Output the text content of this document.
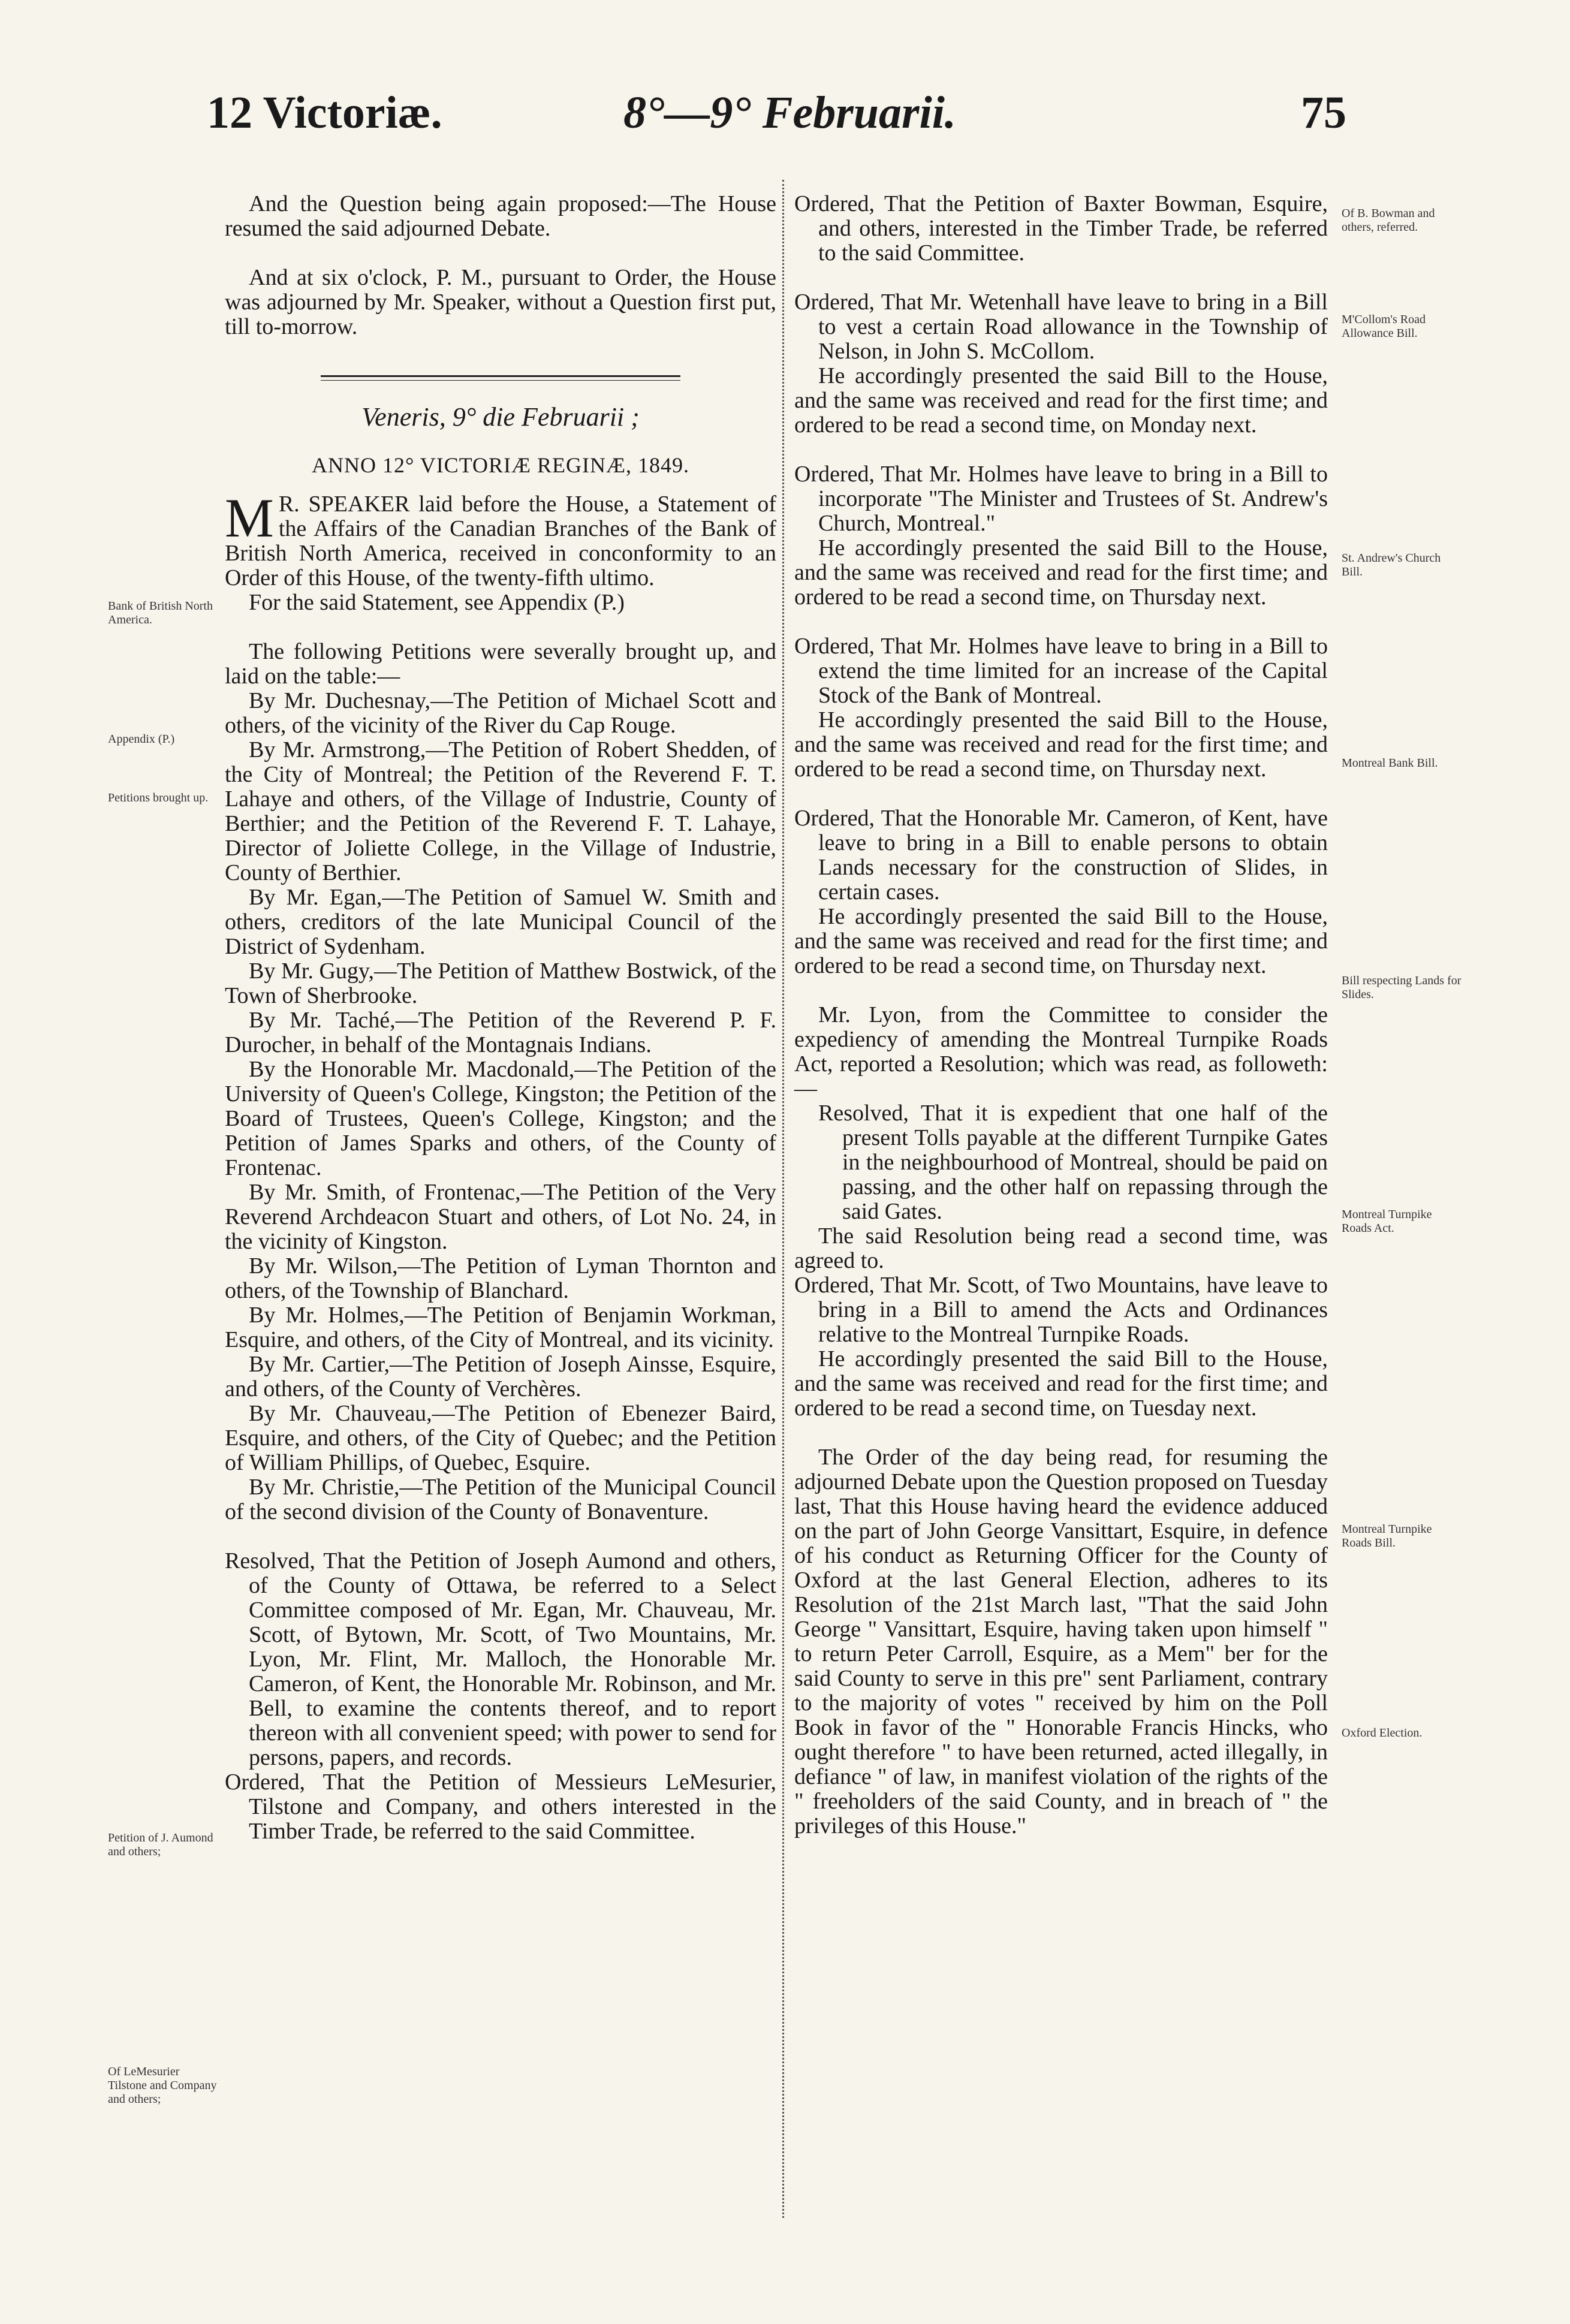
12 Victoriæ.	8°—9° Februarii.	75

And the Question being again proposed:—The House resumed the said adjourned Debate.

And at six o'clock, P. M., pursuant to Order, the House was adjourned by Mr. Speaker, without a Question first put, till to-morrow.

Veneris, 9° die Februarii ;
ANNO 12° VICTORIÆ REGINÆ, 1849.

M R. SPEAKER laid before the House, a Statement of the Affairs of the Canadian Branches of the Bank of British North America, received in conconformity to an Order of this House, of the twenty-fifth ultimo.

For the said Statement, see Appendix (P.)

The following Petitions were severally brought up, and laid on the table:—

By Mr. Duchesnay,—The Petition of Michael Scott and others, of the vicinity of the River du Cap Rouge.

By Mr. Armstrong,—The Petition of Robert Shedden, of the City of Montreal; the Petition of the Reverend F. T. Lahaye and others, of the Village of Industrie, County of Berthier; and the Petition of the Reverend F. T. Lahaye, Director of Joliette College, in the Village of Industrie, County of Berthier.

By Mr. Egan,—The Petition of Samuel W. Smith and others, creditors of the late Municipal Council of the District of Sydenham.

By Mr. Gugy,—The Petition of Matthew Bostwick, of the Town of Sherbrooke.

By Mr. Taché,—The Petition of the Reverend P. F. Durocher, in behalf of the Montagnais Indians.

By the Honorable Mr. Macdonald,—The Petition of the University of Queen's College, Kingston; the Petition of the Board of Trustees, Queen's College, Kingston; and the Petition of James Sparks and others, of the County of Frontenac.

By Mr. Smith, of Frontenac,—The Petition of the Very Reverend Archdeacon Stuart and others, of Lot No. 24, in the vicinity of Kingston.

By Mr. Wilson,—The Petition of Lyman Thornton and others, of the Township of Blanchard.

By Mr. Holmes,—The Petition of Benjamin Workman, Esquire, and others, of the City of Montreal, and its vicinity.

By Mr. Cartier,—The Petition of Joseph Ainsse, Esquire, and others, of the County of Verchères.

By Mr. Chauveau,—The Petition of Ebenezer Baird, Esquire, and others, of the City of Quebec; and the Petition of William Phillips, of Quebec, Esquire.

By Mr. Christie,—The Petition of the Municipal Council of the second division of the County of Bonaventure.

Resolved, That the Petition of Joseph Aumond and others, of the County of Ottawa, be referred to a Select Committee composed of Mr. Egan, Mr. Chauveau, Mr. Scott, of Bytown, Mr. Scott, of Two Mountains, Mr. Lyon, Mr. Flint, Mr. Malloch, the Honorable Mr. Cameron, of Kent, the Honorable Mr. Robinson, and Mr. Bell, to examine the contents thereof, and to report thereon with all convenient speed; with power to send for persons, papers, and records.

Ordered, That the Petition of Messieurs LeMesurier, Tilstone and Company, and others interested in the Timber Trade, be referred to the said Committee.

Ordered, That the Petition of Baxter Bowman, Esquire, and others, interested in the Timber Trade, be referred to the said Committee.

Ordered, That Mr. Wetenhall have leave to bring in a Bill to vest a certain Road allowance in the Township of Nelson, in John S. McCollom.

He accordingly presented the said Bill to the House, and the same was received and read for the first time; and ordered to be read a second time, on Monday next.

Ordered, That Mr. Holmes have leave to bring in a Bill to incorporate "The Minister and Trustees of St. Andrew's Church, Montreal."

He accordingly presented the said Bill to the House, and the same was received and read for the first time; and ordered to be read a second time, on Thursday next.

Ordered, That Mr. Holmes have leave to bring in a Bill to extend the time limited for an increase of the Capital Stock of the Bank of Montreal.

He accordingly presented the said Bill to the House, and the same was received and read for the first time; and ordered to be read a second time, on Thursday next.

Ordered, That the Honorable Mr. Cameron, of Kent, have leave to bring in a Bill to enable persons to obtain Lands necessary for the construction of Slides, in certain cases.

He accordingly presented the said Bill to the House, and the same was received and read for the first time; and ordered to be read a second time, on Thursday next.

Mr. Lyon, from the Committee to consider the expediency of amending the Montreal Turnpike Roads Act, reported a Resolution; which was read, as followeth:—

Resolved, That it is expedient that one half of the present Tolls payable at the different Turnpike Gates in the neighbourhood of Montreal, should be paid on passing, and the other half on repassing through the said Gates.

The said Resolution being read a second time, was agreed to.

Ordered, That Mr. Scott, of Two Mountains, have leave to bring in a Bill to amend the Acts and Ordinances relative to the Montreal Turnpike Roads.

He accordingly presented the said Bill to the House, and the same was received and read for the first time; and ordered to be read a second time, on Tuesday next.

The Order of the day being read, for resuming the adjourned Debate upon the Question proposed on Tuesday last, That this House having heard the evidence adduced on the part of John George Vansittart, Esquire, in defence of his conduct as Returning Officer for the County of Oxford at the last General Election, adheres to its Resolution of the 21st March last, "That the said John George " Vansittart, Esquire, having taken upon himself " to return Peter Carroll, Esquire, as a Mem" ber for the said County to serve in this pre" sent Parliament, contrary to the majority of votes " received by him on the Poll Book in favor of the " Honorable Francis Hincks, who ought therefore " to have been returned, acted illegally, in defiance " of law, in manifest violation of the rights of the " freeholders of the said County, and in breach of " the privileges of this House."

Bank of British North America.
Appendix (P.)
Petitions brought up.
Petition of J. Aumond and others;
Of LeMesurier Tilstone and Company and others;
Of B. Bowman and others, referred.
M'Collom's Road Allowance Bill.
St. Andrew's Church Bill.
Montreal Bank Bill.
Bill respecting Lands for Slides.
Montreal Turnpike Roads Act.
Montreal Turnpike Roads Bill.
Oxford Election.
